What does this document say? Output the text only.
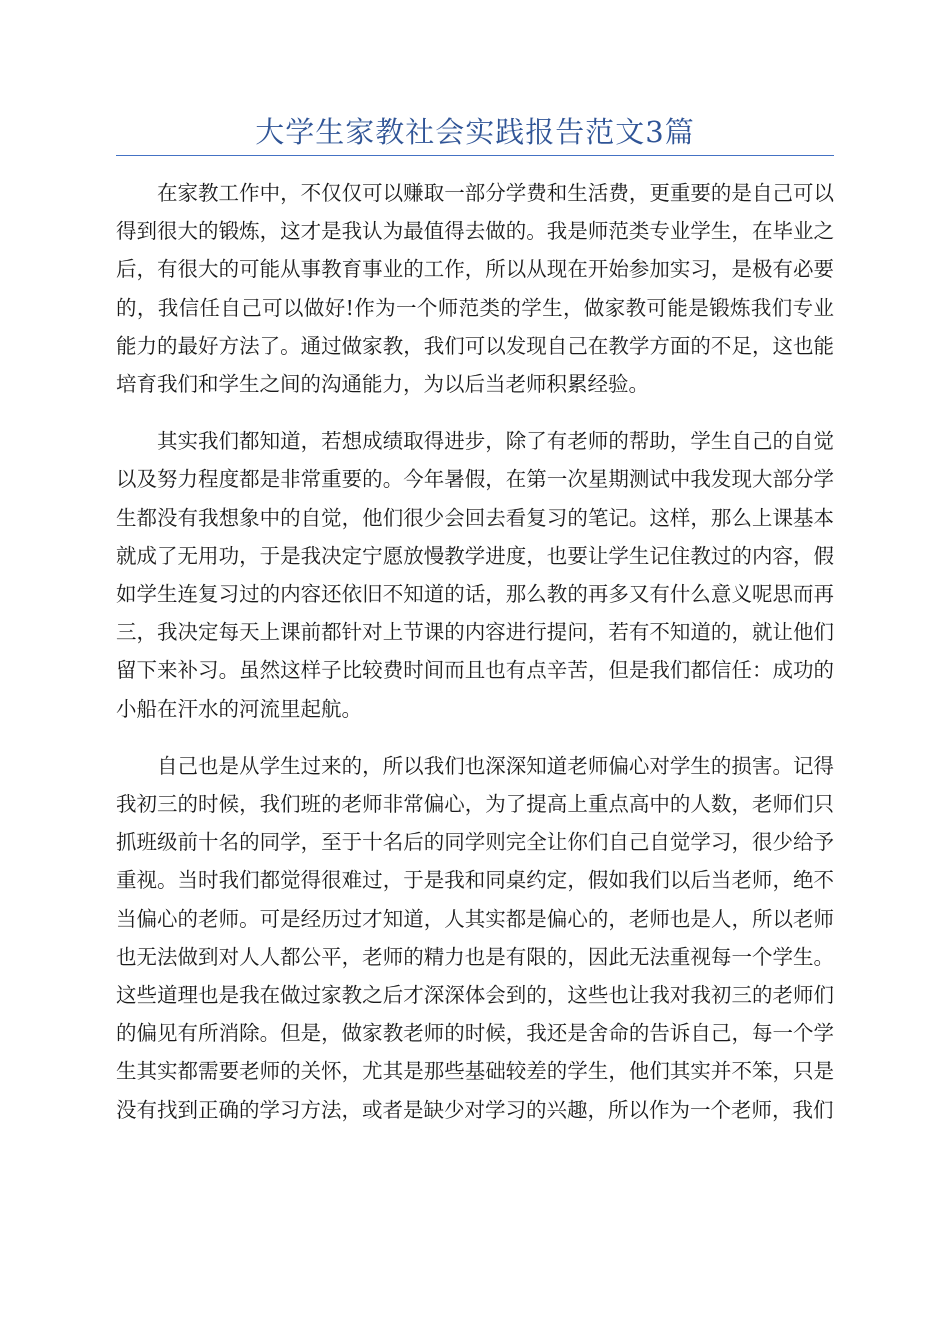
大学生家教社会实践报告范文3篇

在家教工作中，不仅仅可以赚取一部分学费和生活费，更重要的是自己可以得到很大的锻炼，这才是我认为最值得去做的。我是师范类专业学生，在毕业之后，有很大的可能从事教育事业的工作，所以从现在开始参加实习，是极有必要的，我信任自己可以做好!作为一个师范类的学生，做家教可能是锻炼我们专业能力的最好方法了。通过做家教，我们可以发现自己在教学方面的不足，这也能培育我们和学生之间的沟通能力，为以后当老师积累经验。

其实我们都知道，若想成绩取得进步，除了有老师的帮助，学生自己的自觉以及努力程度都是非常重要的。今年暑假，在第一次星期测试中我发现大部分学生都没有我想象中的自觉，他们很少会回去看复习的笔记。这样，那么上课基本就成了无用功，于是我决定宁愿放慢教学进度，也要让学生记住教过的内容，假如学生连复习过的内容还依旧不知道的话，那么教的再多又有什么意义呢思而再三，我决定每天上课前都针对上节课的内容进行提问，若有不知道的，就让他们留下来补习。虽然这样子比较费时间而且也有点辛苦，但是我们都信任：成功的小船在汗水的河流里起航。

自己也是从学生过来的，所以我们也深深知道老师偏心对学生的损害。记得我初三的时候，我们班的老师非常偏心，为了提高上重点高中的人数，老师们只抓班级前十名的同学，至于十名后的同学则完全让你们自己自觉学习，很少给予重视。当时我们都觉得很难过，于是我和同桌约定，假如我们以后当老师，绝不当偏心的老师。可是经历过才知道，人其实都是偏心的，老师也是人，所以老师也无法做到对人人都公平，老师的精力也是有限的，因此无法重视每一个学生。这些道理也是我在做过家教之后才深深体会到的，这些也让我对我初三的老师们的偏见有所消除。但是，做家教老师的时候，我还是舍命的告诉自己，每一个学生其实都需要老师的关怀，尤其是那些基础较差的学生，他们其实并不笨，只是没有找到正确的学习方法，或者是缺少对学习的兴趣，所以作为一个老师，我们
